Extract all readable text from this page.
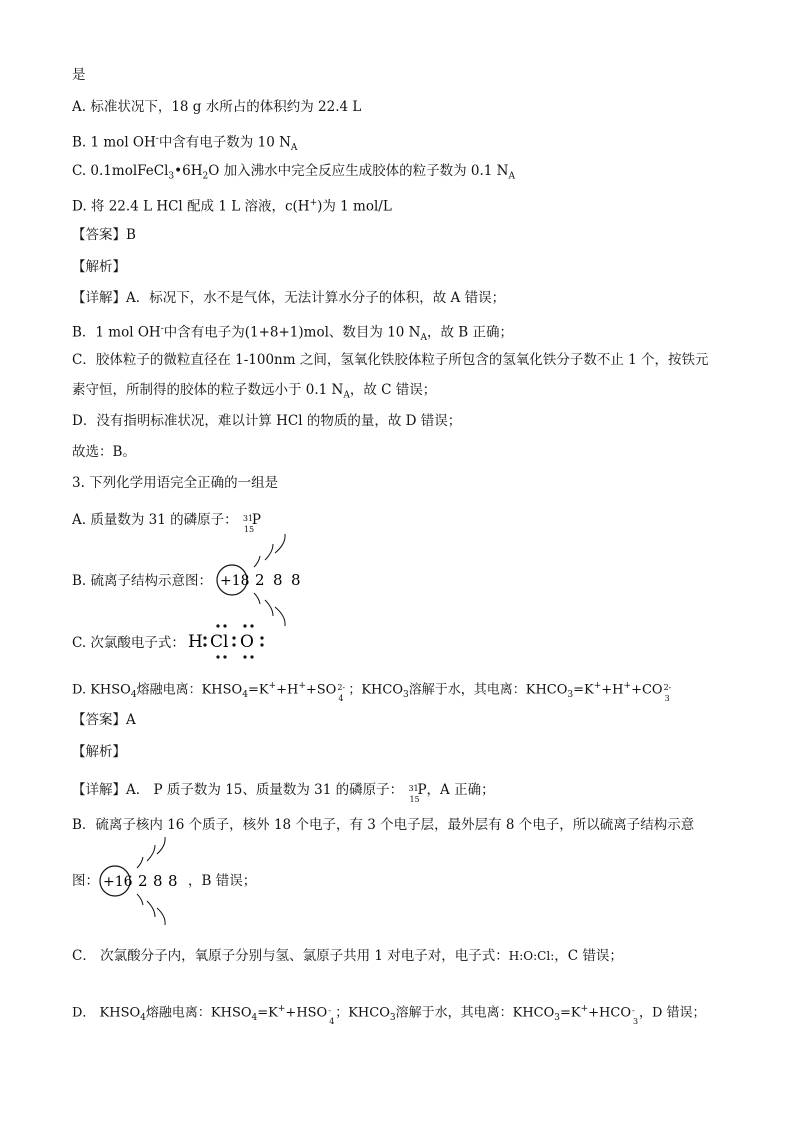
是
A. 标准状况下，18 g 水所占的体积约为 22.4 L
B. 1 mol OH-中含有电子数为 10 $N_A$
C. $0.1molFeCl_3•6H_2O$ 加入沸水中完全反应生成胶体的粒子数为 0.1 $N_A$
D. 将 22.4 L HCl 配成 1 L 溶液，c(H+)为 1 mol/L
【答案】B
【解析】
【详解】A．标况下，水不是气体，无法计算水分子的体积，故 A 错误；
B．1 mol OH-中含有电子为(1+8+1)mol、数目为 10 $N_A$，故 B 正确；
C．胶体粒子的微粒直径在 1-100nm 之间，氢氧化铁胶体粒子所包含的氢氧化铁分子数不止 1 个，按铁元
素守恒，所制得的胶体的粒子数远小于 0.1 $N_A$，故 C 错误；
D．没有指明标准状况，难以计算 HCl 的物质的量，故 D 错误；
故选：B。
3. 下列化学用语完全正确的一组是
A. 质量数为 31 的磷原子： 31
15
P
B. 硫离子结构示意图： +18 2 8 8
C. 次氯酸电子式： H Cl O
D. $KHSO_4$熔融电离：$KHSO_4=K^++H^++SO$ 2-
4
；$KHCO_3$溶解于水，其电离：$KHCO_3=K^++H^++CO$ 2-
3
【答案】A
【解析】
【详解】A． P 质子数为 15、质量数为 31 的磷原子： 31
15
P，A 正确；
B．硫离子核内 16 个质子，核外 18 个电子，有 3 个电子层，最外层有 8 个电子，所以硫离子结构示意
图： +16 2 8 8 ，B 错误；
C． 次氯酸分子内，氧原子分别与氢、氯原子共用 1 对电子对，电子式：H:O:Cl:，C 错误；
D． $KHSO_4$熔融电离：$KHSO_4=K^++HSO$ -
4
；$KHCO_3$溶解于水，其电离：$KHCO_3=K^++HCO$ -
3
，D 错误；
